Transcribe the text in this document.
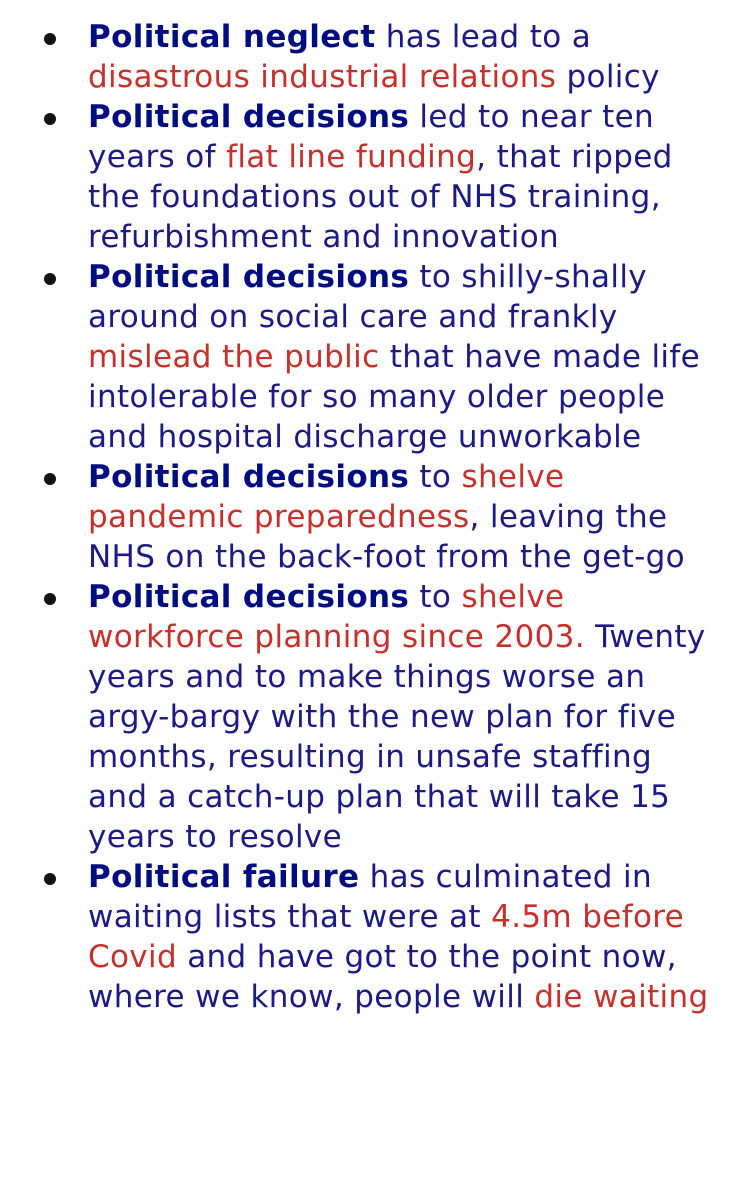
Political neglect has lead to a disastrous industrial relations policy
Political decisions led to near ten years of flat line funding, that ripped the foundations out of NHS training, refurbishment and innovation
Political decisions to shilly-shally around on social care and frankly mislead the public that have made life intolerable for so many older people and hospital discharge unworkable
Political decisions to shelve pandemic preparedness, leaving the NHS on the back-foot from the get-go
Political decisions to shelve workforce planning since 2003. Twenty years and to make things worse an argy-bargy with the new plan for five months, resulting in unsafe staffing and a catch-up plan that will take 15 years to resolve
Political failure has culminated in waiting lists that were at 4.5m before Covid and have got to the point now, where we know, people will die waiting
